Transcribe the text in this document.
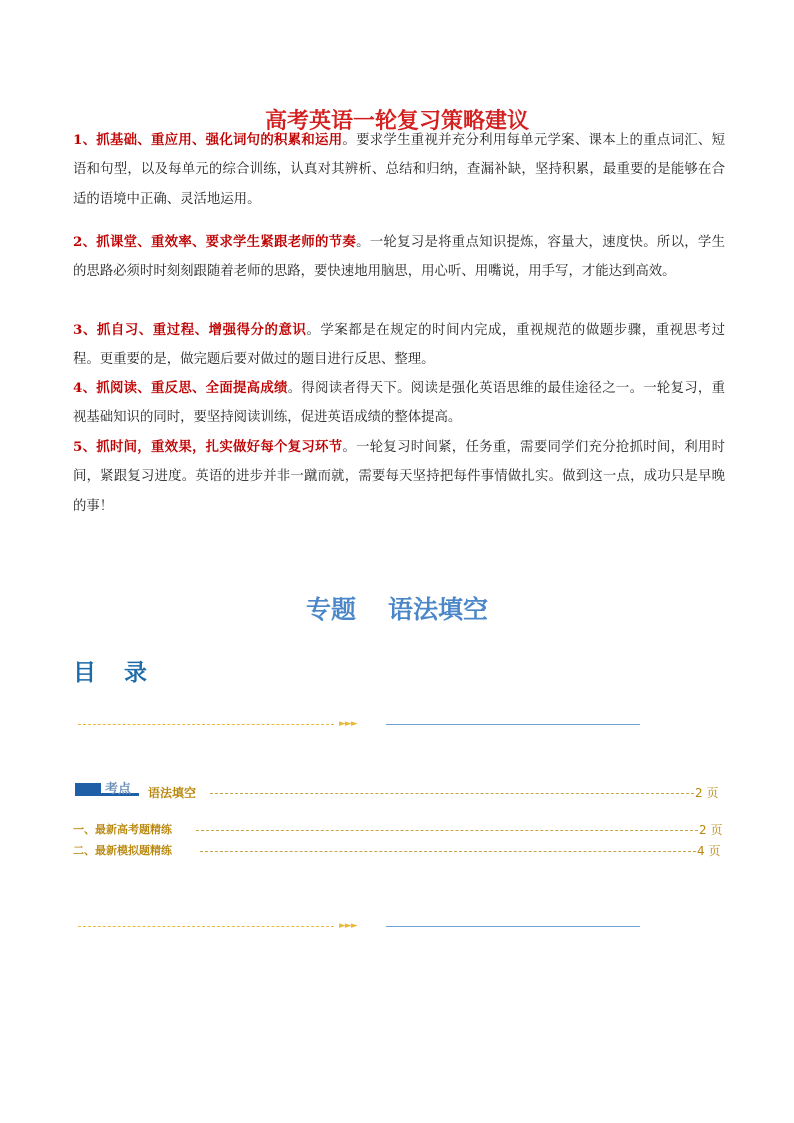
高考英语一轮复习策略建议

1、抓基础、重应用、强化词句的积累和运用。要求学生重视并充分利用每单元学案、课本上的重点词汇、短语和句型，以及每单元的综合训练，认真对其辨析、总结和归纳，查漏补缺，坚持积累，最重要的是能够在合适的语境中正确、灵活地运用。

2、抓课堂、重效率、要求学生紧跟老师的节奏。一轮复习是将重点知识提炼，容量大，速度快。所以，学生的思路必须时时刻刻跟随着老师的思路，要快速地用脑思，用心听、用嘴说，用手写，才能达到高效。

3、抓自习、重过程、增强得分的意识。学案都是在规定的时间内完成，重视规范的做题步骤，重视思考过程。更重要的是，做完题后要对做过的题目进行反思、整理。

4、抓阅读、重反思、全面提高成绩。得阅读者得天下。阅读是强化英语思维的最佳途径之一。一轮复习，重视基础知识的同时，要坚持阅读训练，促进英语成绩的整体提高。

5、抓时间，重效果，扎实做好每个复习环节。一轮复习时间紧，任务重，需要同学们充分抢抓时间，利用时间，紧跟复习进度。英语的进步并非一蹴而就，需要每天坚持把每件事情做扎实。做到这一点，成功只是早晚的事！

专题 语法填空
目 录
►►►
考点 语法填空	2 页
一、最新高考题精练	2 页
二、最新模拟题精练	4 页
►►►
